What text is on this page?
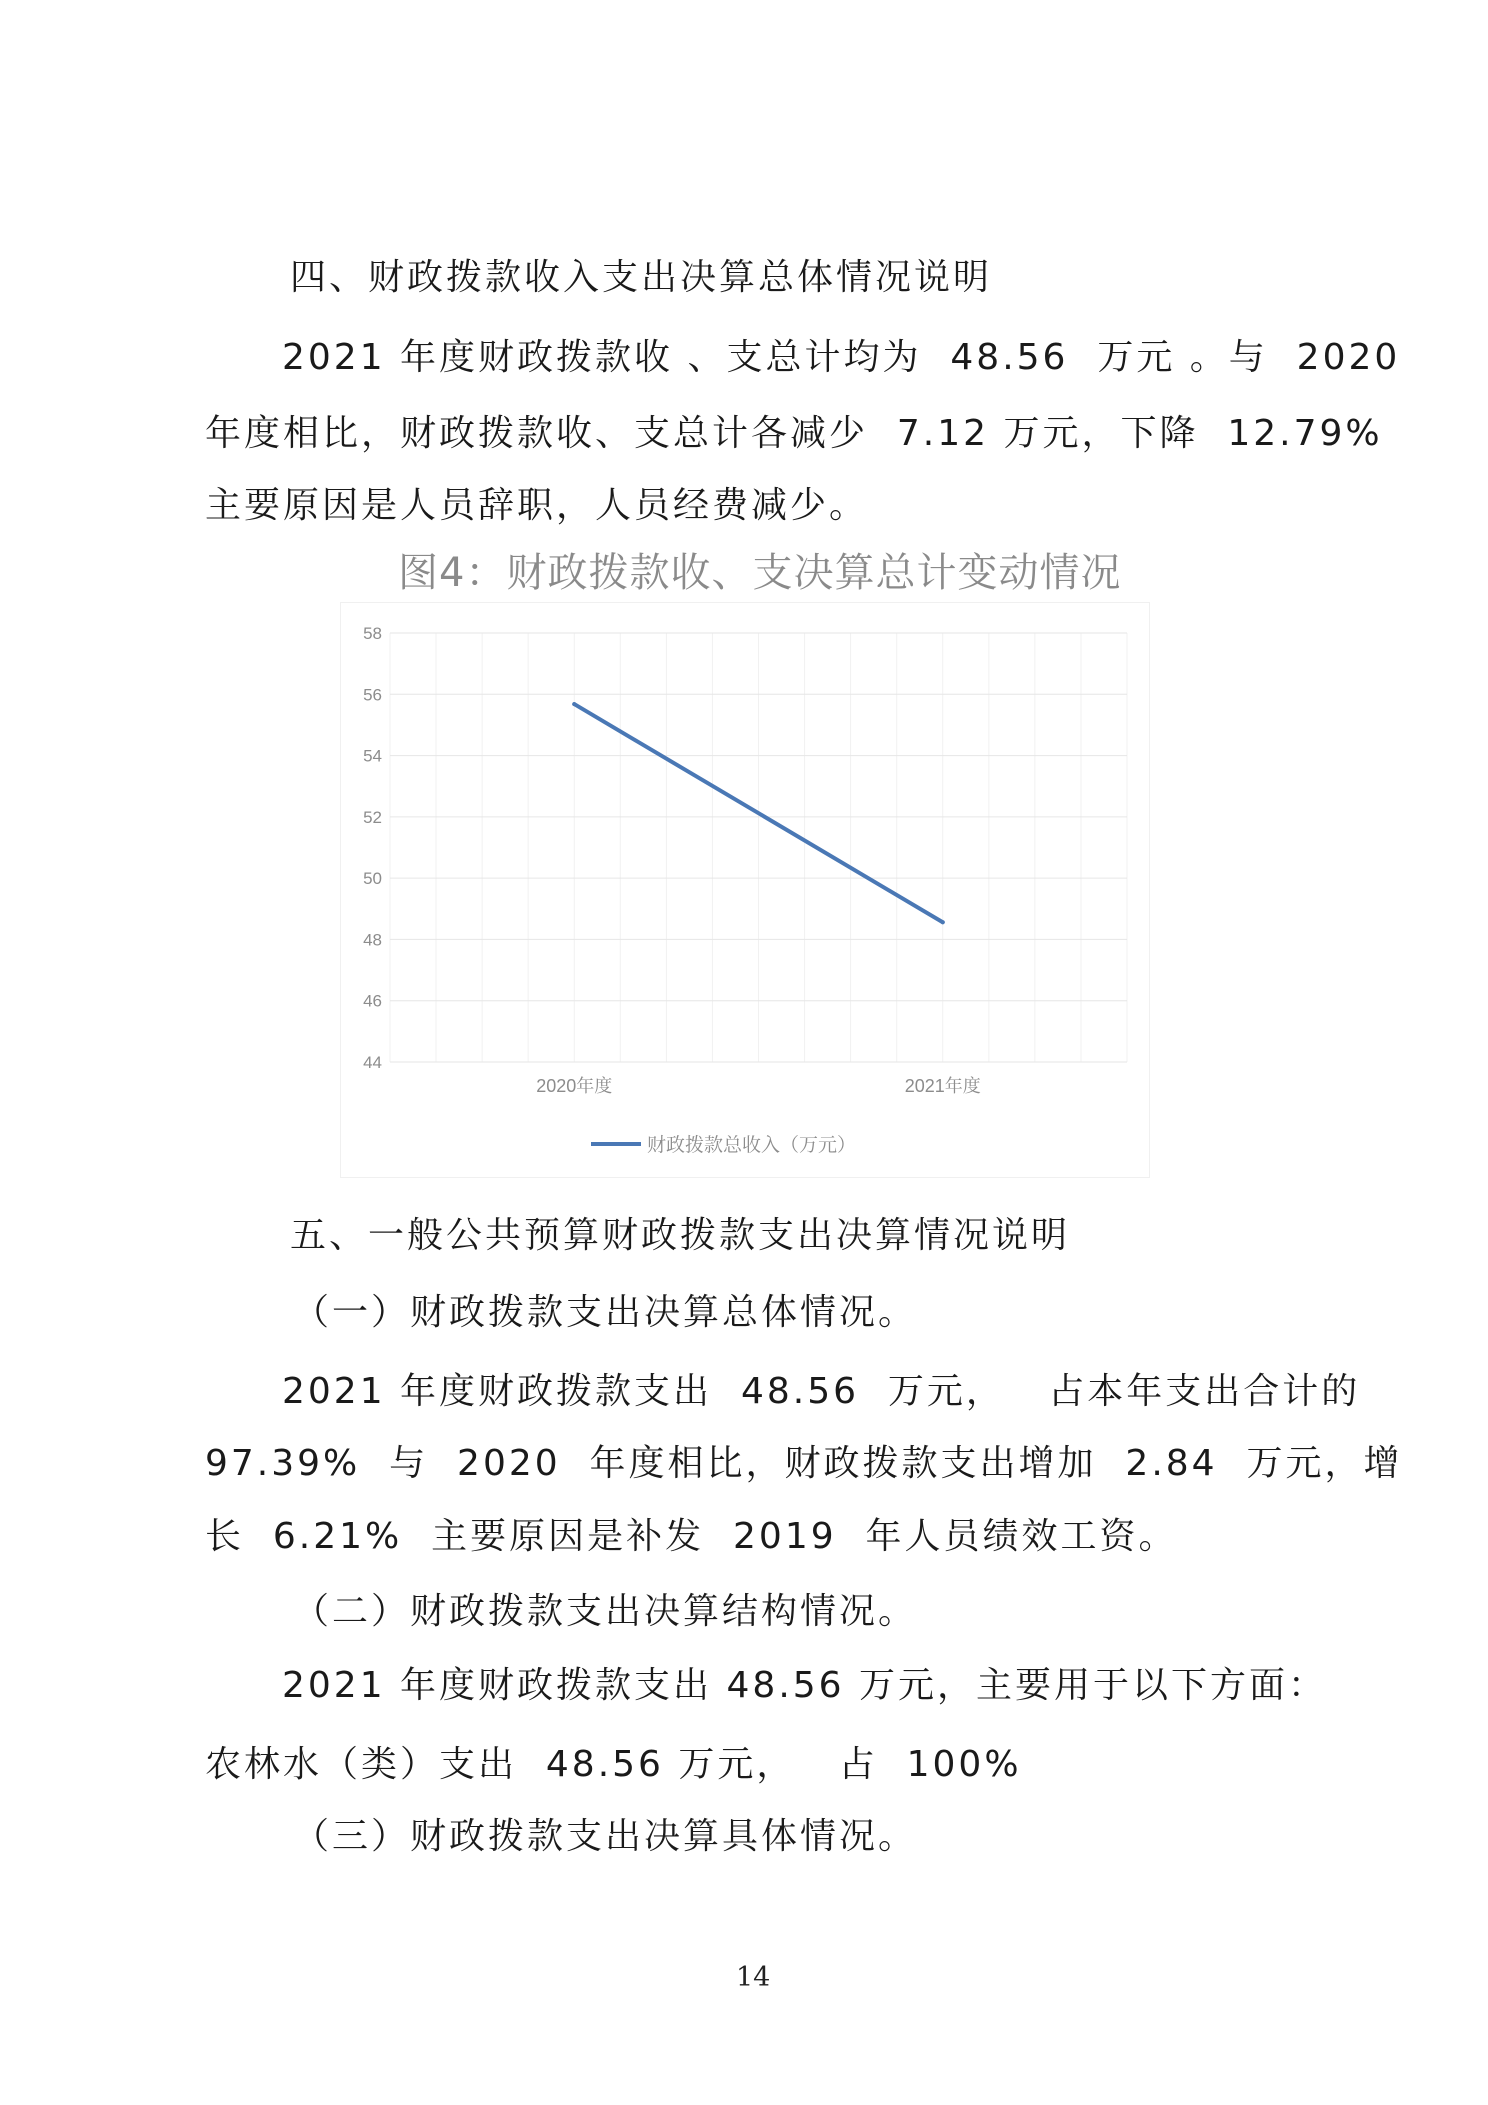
四、财政拨款收入支出决算总体情况说明
2021 年度财政拨款收 、支总计均为  48.56  万元 。与  2020
年度相比，财政拨款收、支总计各减少  7.12 万元，下降  12.79%
主要原因是人员辞职，人员经费减少。
图4：财政拨款收、支决算总计变动情况
44
46
48
50
52
54
56
58
2020年度	2021年度
财政拨款总收入（万元）
五、一般公共预算财政拨款支出决算情况说明
（一）财政拨款支出决算总体情况。
2021 年度财政拨款支出  48.56  万元，   占本年支出合计的
97.39%  与  2020  年度相比，财政拨款支出增加  2.84  万元，增
长  6.21%  主要原因是补发  2019  年人员绩效工资。
（二）财政拨款支出决算结构情况。
2021 年度财政拨款支出 48.56 万元，主要用于以下方面：
农林水（类）支出  48.56 万元，   占  100%
（三）财政拨款支出决算具体情况。
14
